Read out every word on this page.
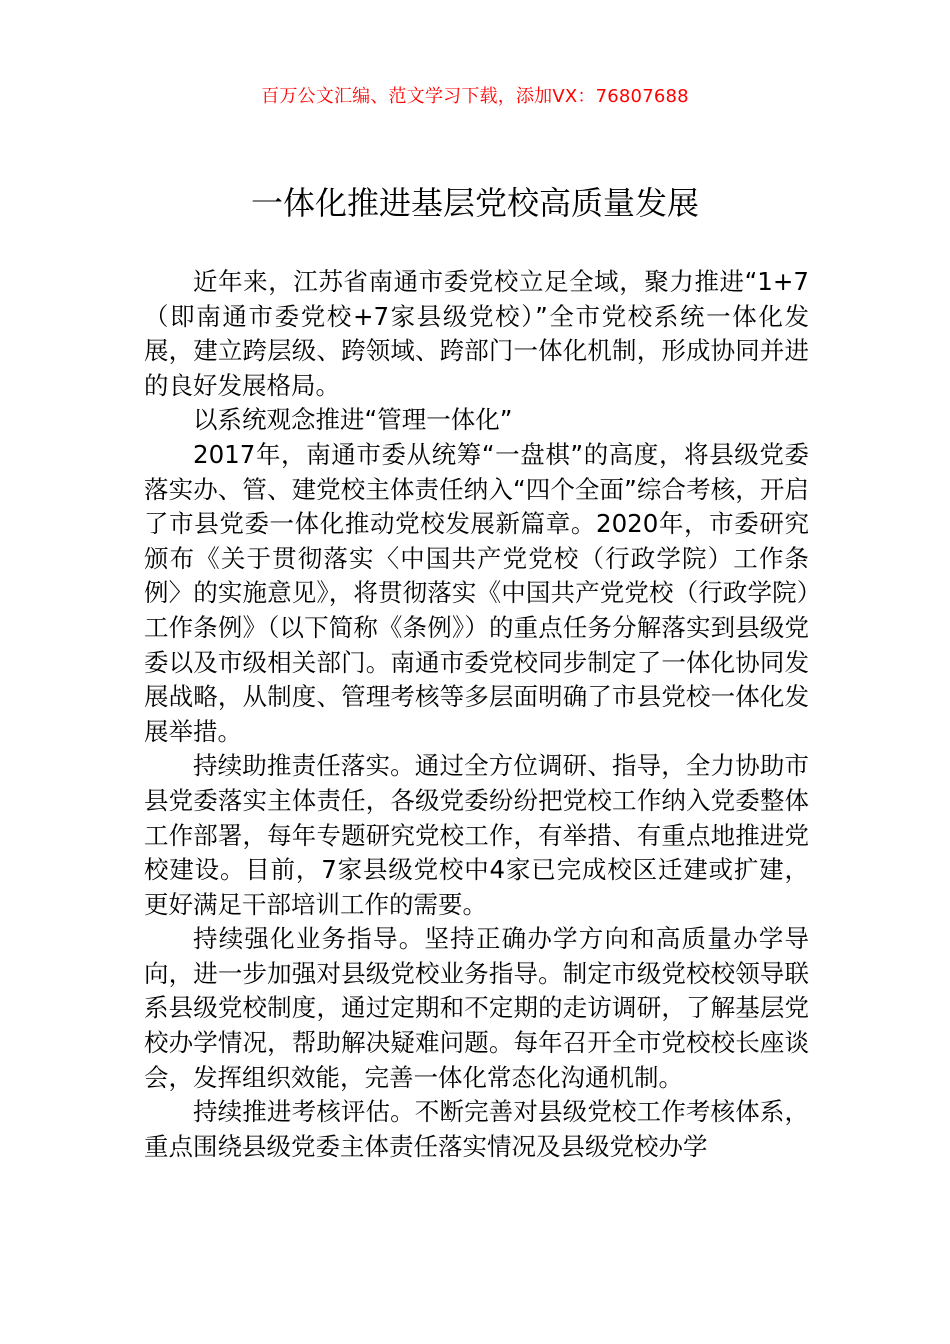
百万公文汇编、范文学习下载，添加VX：76807688
一体化推进基层党校高质量发展

近年来，江苏省南通市委党校立足全域，聚力推进“1+7（即南通市委党校+7家县级党校）”全市党校系统一体化发展，建立跨层级、跨领域、跨部门一体化机制，形成协同并进的良好发展格局。

以系统观念推进“管理一体化”

2017年，南通市委从统筹“一盘棋”的高度，将县级党委落实办、管、建党校主体责任纳入“四个全面”综合考核，开启了市县党委一体化推动党校发展新篇章。2020年，市委研究颁布《关于贯彻落实〈中国共产党党校（行政学院）工作条例〉的实施意见》，将贯彻落实《中国共产党党校（行政学院）工作条例》（以下简称《条例》）的重点任务分解落实到县级党委以及市级相关部门。南通市委党校同步制定了一体化协同发展战略，从制度、管理考核等多层面明确了市县党校一体化发展举措。

持续助推责任落实。通过全方位调研、指导，全力协助市县党委落实主体责任，各级党委纷纷把党校工作纳入党委整体工作部署，每年专题研究党校工作，有举措、有重点地推进党校建设。目前，7家县级党校中4家已完成校区迁建或扩建，更好满足干部培训工作的需要。

持续强化业务指导。坚持正确办学方向和高质量办学导向，进一步加强对县级党校业务指导。制定市级党校校领导联系县级党校制度，通过定期和不定期的走访调研，了解基层党校办学情况，帮助解决疑难问题。每年召开全市党校校长座谈会，发挥组织效能，完善一体化常态化沟通机制。

持续推进考核评估。不断完善对县级党校工作考核体系，重点围绕县级党委主体责任落实情况及县级党校办学
